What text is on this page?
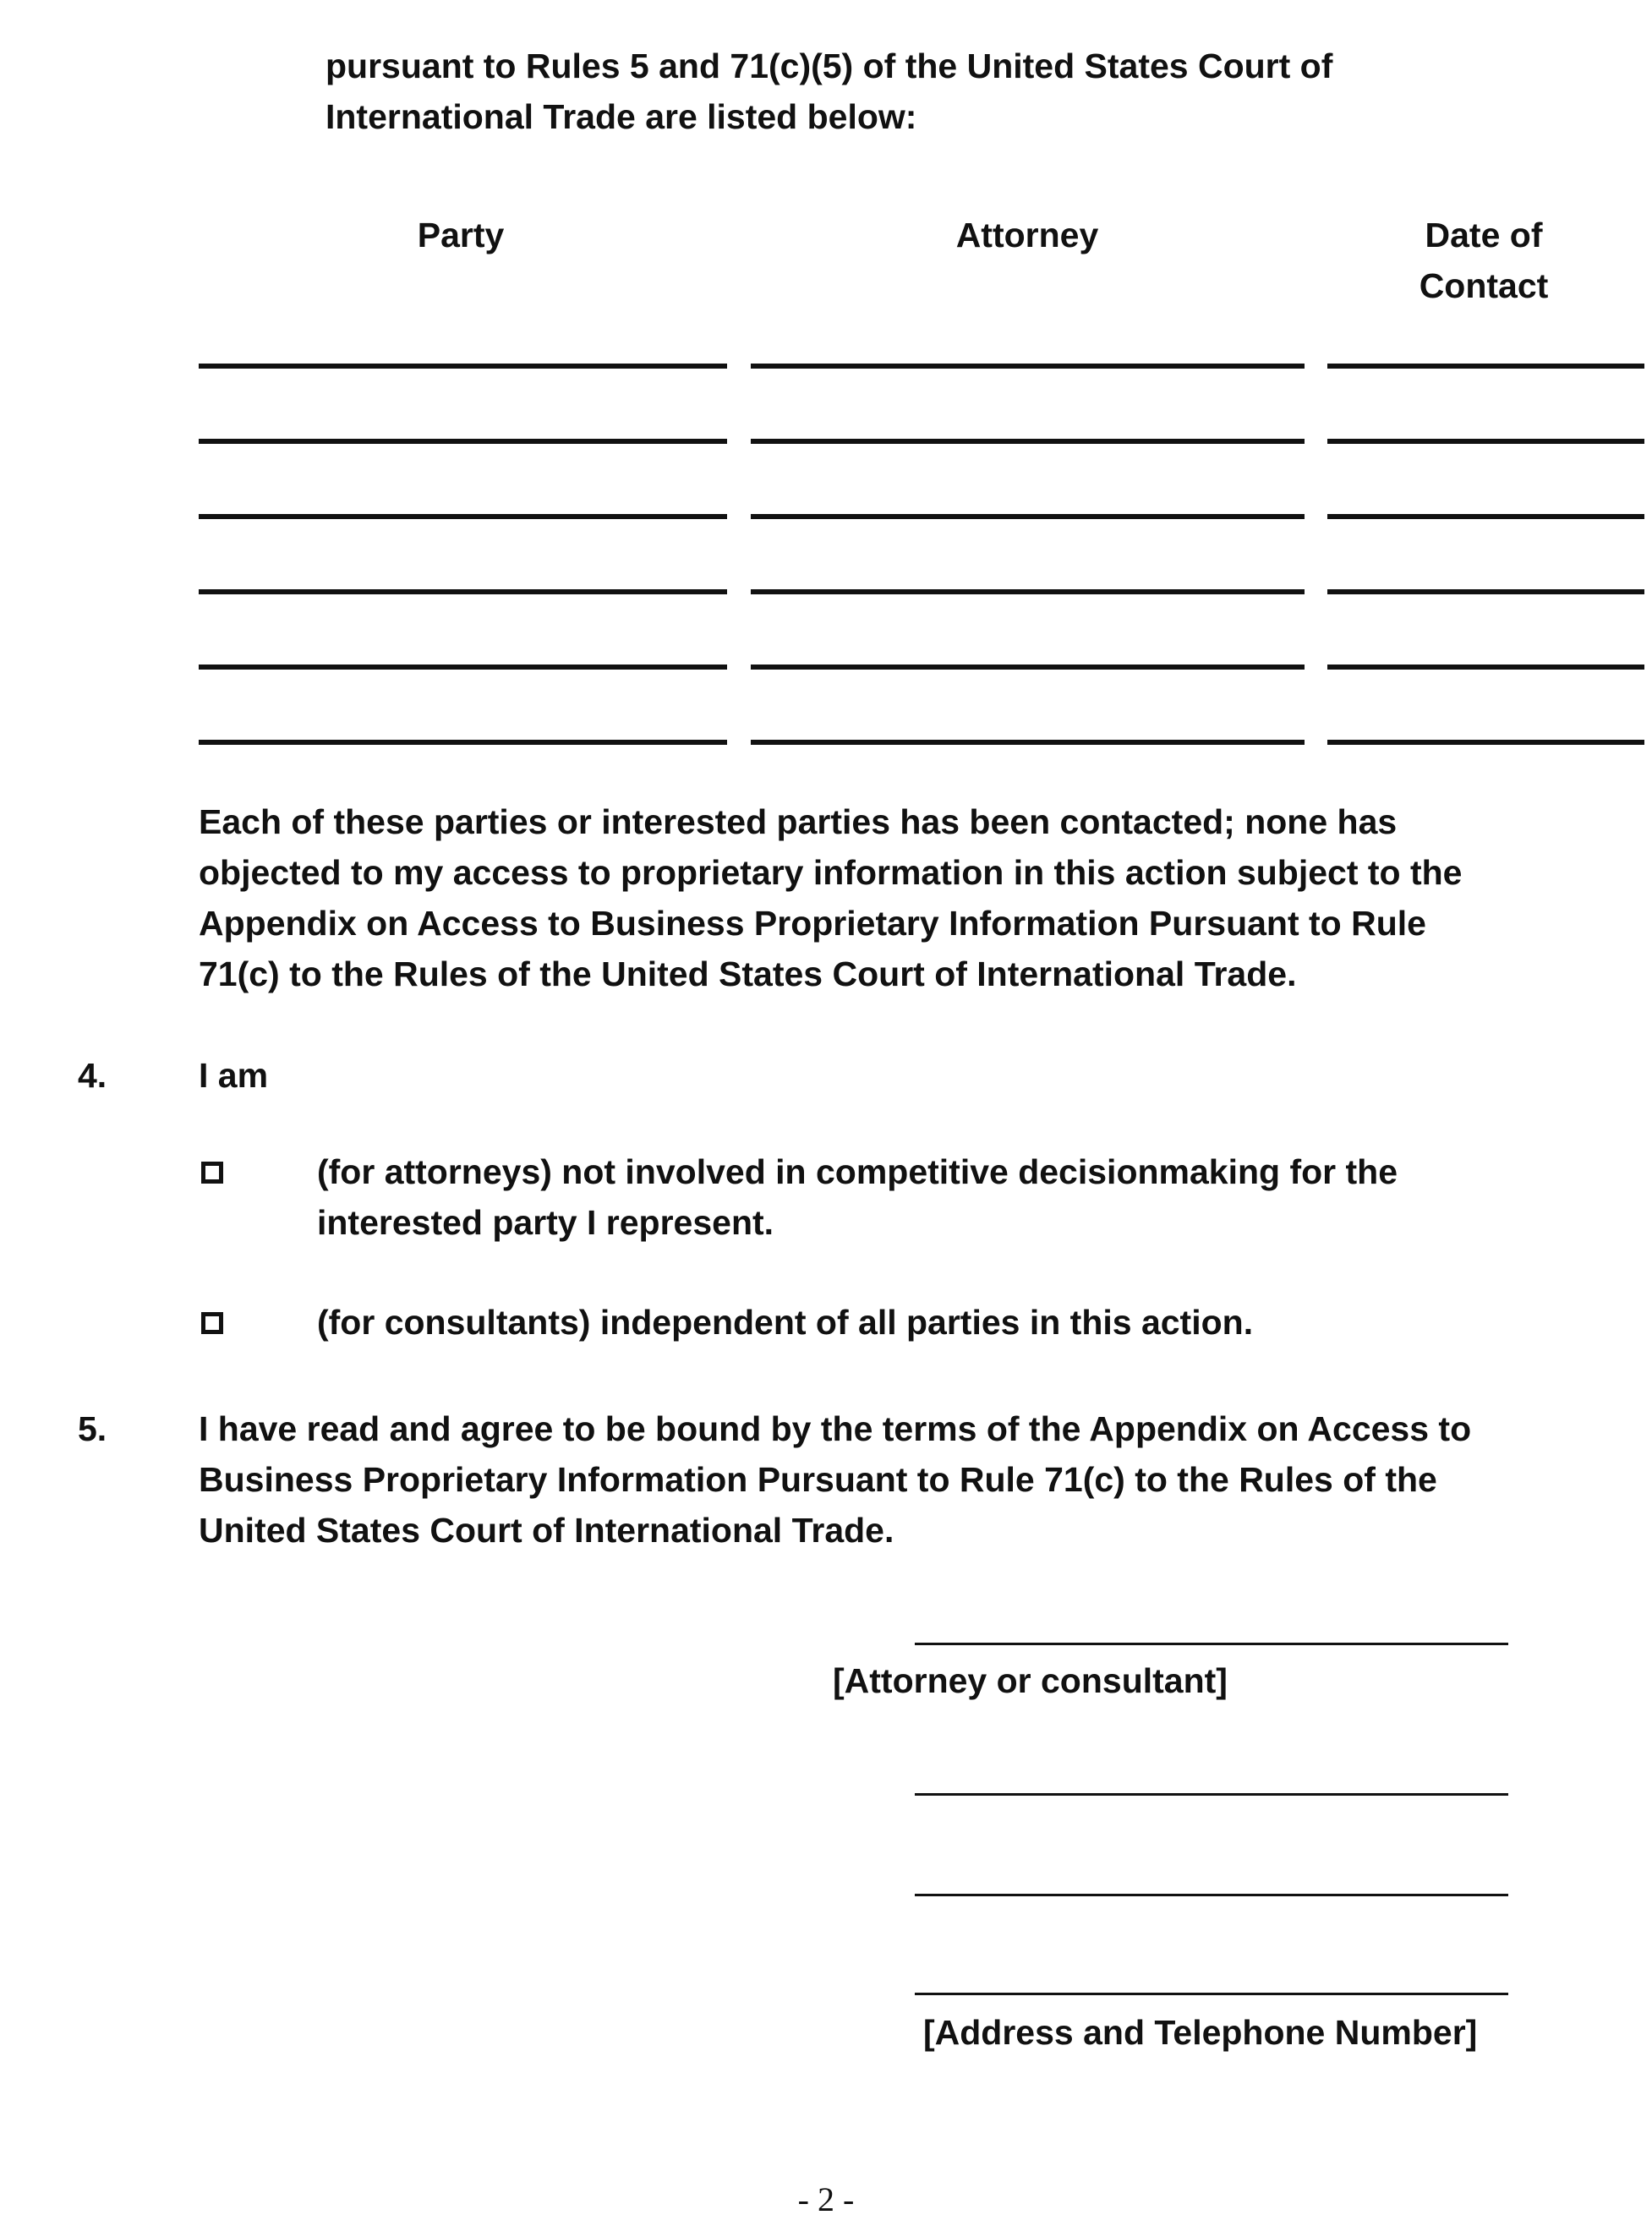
pursuant to Rules 5 and 71(c)(5) of the United States Court of
International Trade are listed below:
Party	Attorney	Date of
Contact
Each of these parties or interested parties has been contacted; none has
objected to my access to proprietary information in this action subject to the
Appendix on Access to Business Proprietary Information Pursuant to Rule
71(c) to the Rules of the United States Court of International Trade.
4.	I am
(for attorneys) not involved in competitive decisionmaking for the
interested party I represent.
(for consultants) independent of all parties in this action.
5.	I have read and agree to be bound by the terms of the Appendix on Access to
Business Proprietary Information Pursuant to Rule 71(c) to the Rules of the
United States Court of International Trade.
[Attorney or consultant]
[Address and Telephone Number]
- 2 -
